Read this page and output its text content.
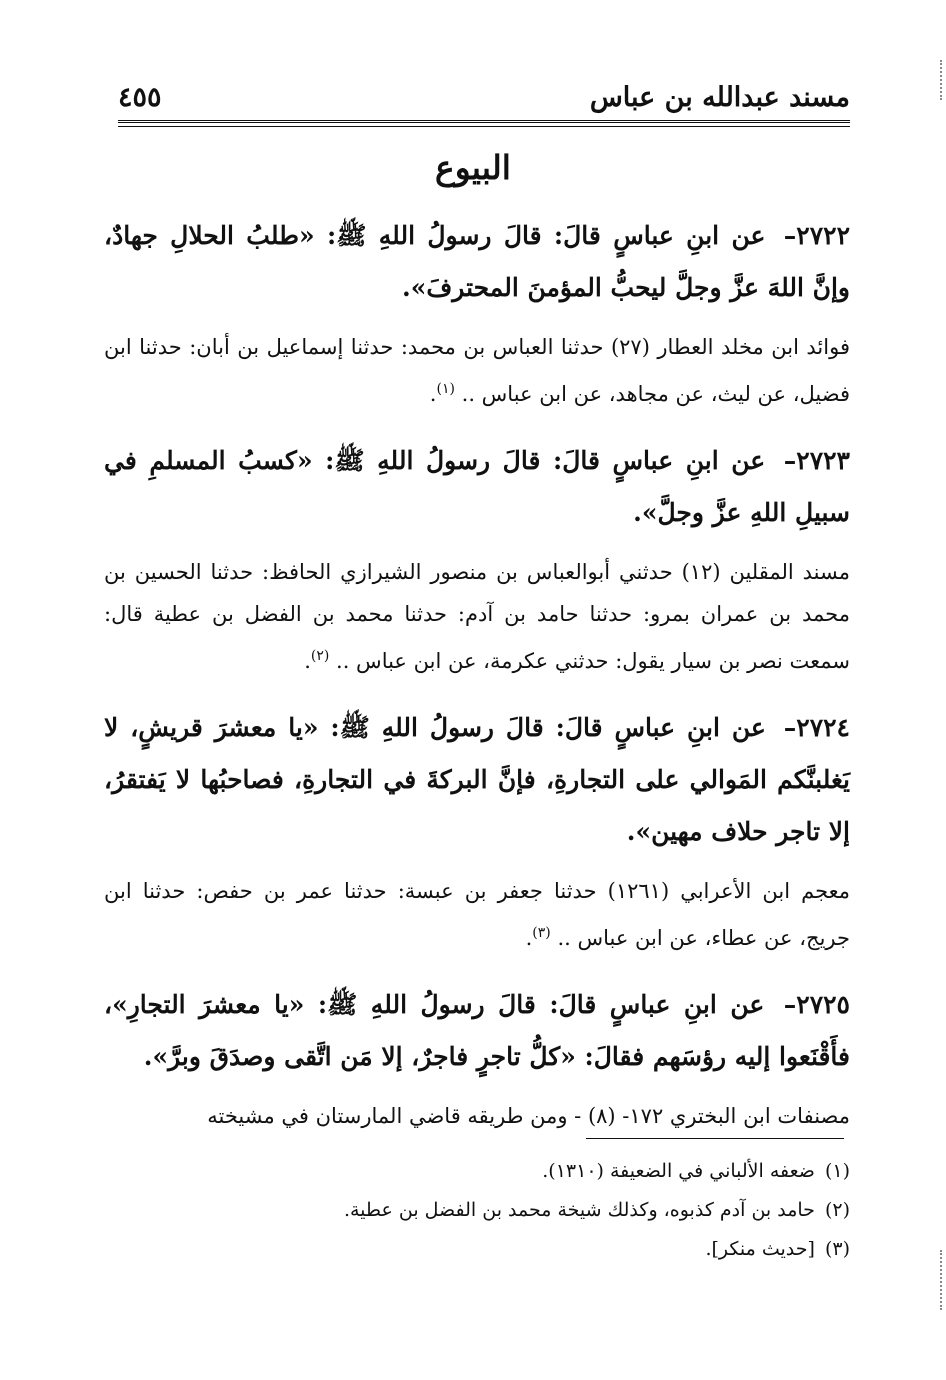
مسند عبدالله بن عباس
٤٥٥
البيوع

٢٧٢٢– عن ابنِ عباسٍ قالَ: قالَ رسولُ اللهِ ﷺ: «طلبُ الحلالِ جهادٌ، وإنَّ اللهَ عزَّ وجلَّ ليحبُّ المؤمنَ المحترفَ».

فوائد ابن مخلد العطار (٢٧) حدثنا العباس بن محمد: حدثنا إسماعيل بن أبان: حدثنا ابن فضيل، عن ليث، عن مجاهد، عن ابن عباس .. $^{(١)}$.

٢٧٢٣– عن ابنِ عباسٍ قالَ: قالَ رسولُ اللهِ ﷺ: «كسبُ المسلمِ في سبيلِ اللهِ عزَّ وجلَّ».

مسند المقلين (١٢) حدثني أبوالعباس بن منصور الشيرازي الحافظ: حدثنا الحسين بن محمد بن عمران بمرو: حدثنا حامد بن آدم: حدثنا محمد بن الفضل بن عطية قال: سمعت نصر بن سيار يقول: حدثني عكرمة، عن ابن عباس .. $^{(٢)}$.

٢٧٢٤– عن ابنِ عباسٍ قالَ: قالَ رسولُ اللهِ ﷺ: «يا معشرَ قريشٍ، لا يَغلبنَّكم المَوالي على التجارةِ، فإنَّ البركةَ في التجارةِ، فصاحبُها لا يَفتقرُ، إلا تاجر حلاف مهين».

معجم ابن الأعرابي (١٢٦١) حدثنا جعفر بن عبسة: حدثنا عمر بن حفص: حدثنا ابن جريج، عن عطاء، عن ابن عباس .. $^{(٣)}$.

٢٧٢٥– عن ابنِ عباسٍ قالَ: قالَ رسولُ اللهِ ﷺ: «يا معشرَ التجارِ»، فأَقْنَعوا إليه رؤسَهم فقالَ: «كلُّ تاجرٍ فاجرٌ، إلا مَن اتَّقى وصدَقَ وبرَّ».

مصنفات ابن البختري ١٧٢- (٨) - ومن طريقه قاضي المارستان في مشيخته

(١)ضعفه الألباني في الضعيفة (١٣١٠).

(٢)حامد بن آدم كذبوه، وكذلك شيخة محمد بن الفضل بن عطية.

(٣)[حديث منكر].
